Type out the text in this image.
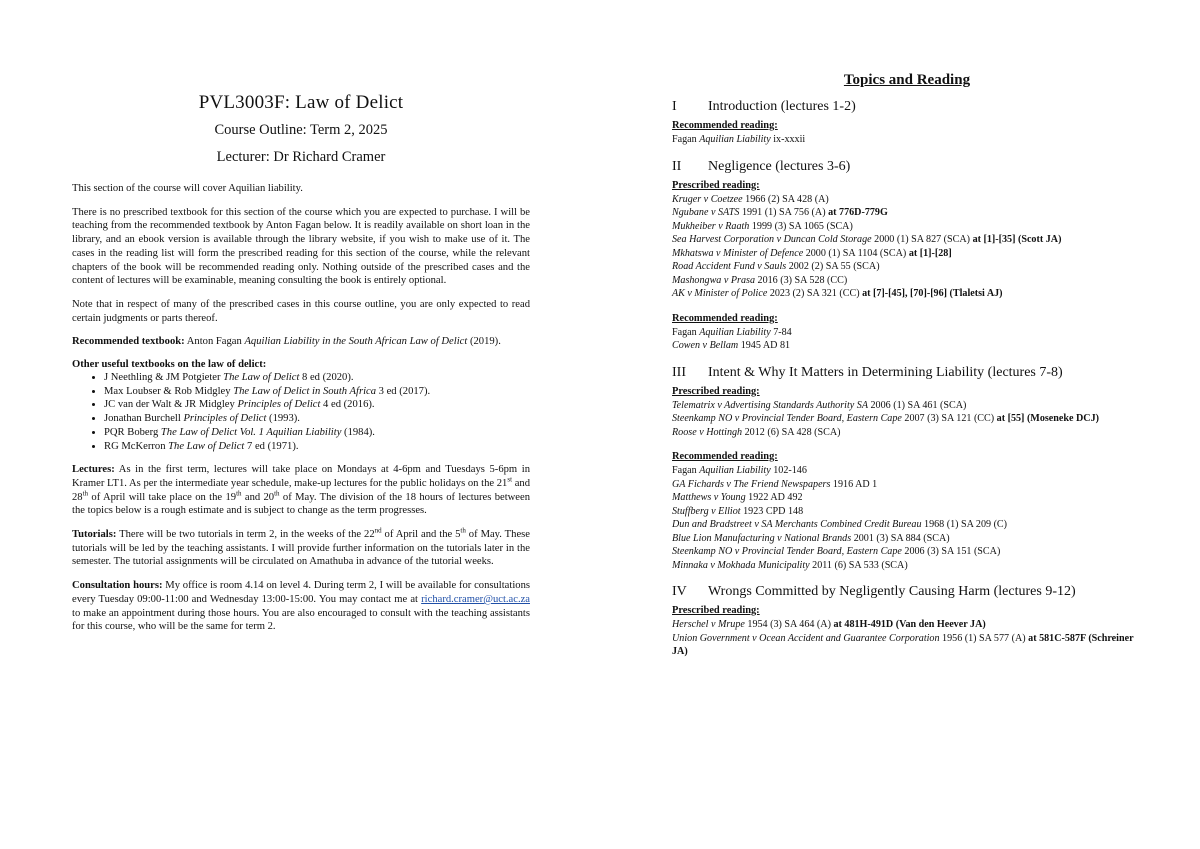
PVL3003F: Law of Delict
Course Outline: Term 2, 2025
Lecturer: Dr Richard Cramer

This section of the course will cover Aquilian liability.

There is no prescribed textbook for this section of the course which you are expected to purchase. I will be teaching from the recommended textbook by Anton Fagan below. It is readily available on short loan in the library, and an ebook version is available through the library website, if you wish to make use of it. The cases in the reading list will form the prescribed reading for this section of the course, while the relevant chapters of the book will be recommended reading only. Nothing outside of the prescribed cases and the content of lectures will be examinable, meaning consulting the book is entirely optional.

Note that in respect of many of the prescribed cases in this course outline, you are only expected to read certain judgments or parts thereof.

Recommended textbook: Anton Fagan Aquilian Liability in the South African Law of Delict (2019).

Other useful textbooks on the law of delict:
• J Neethling & JM Potgieter The Law of Delict 8 ed (2020).
• Max Loubser & Rob Midgley The Law of Delict in South Africa 3 ed (2017).
• JC van der Walt & JR Midgley Principles of Delict 4 ed (2016).
• Jonathan Burchell Principles of Delict (1993).
• PQR Boberg The Law of Delict Vol. 1 Aquilian Liability (1984).
• RG McKerron The Law of Delict 7 ed (1971).

Lectures: As in the first term, lectures will take place on Mondays at 4-6pm and Tuesdays 5-6pm in Kramer LT1. As per the intermediate year schedule, make-up lectures for the public holidays on the 21st and 28th of April will take place on the 19th and 20th of May. The division of the 18 hours of lectures between the topics below is a rough estimate and is subject to change as the term progresses.

Tutorials: There will be two tutorials in term 2, in the weeks of the 22nd of April and the 5th of May. These tutorials will be led by the teaching assistants. I will provide further information on the tutorials later in the semester. The tutorial assignments will be circulated on Amathuba in advance of the tutorial weeks.

Consultation hours: My office is room 4.14 on level 4. During term 2, I will be available for consultations every Tuesday 09:00-11:00 and Wednesday 13:00-15:00. You may contact me at richard.cramer@uct.ac.za to make an appointment during those hours. You are also encouraged to consult with the teaching assistants for this course, who will be the same for term 2.

Topics and Reading
I	Introduction (lectures 1-2)
Recommended reading:
Fagan Aquilian Liability ix-xxxii
II	Negligence (lectures 3-6)
Prescribed reading:
Kruger v Coetzee 1966 (2) SA 428 (A)
Ngubane v SATS 1991 (1) SA 756 (A) at 776D-779G
Mukheiber v Raath 1999 (3) SA 1065 (SCA)
Sea Harvest Corporation v Duncan Cold Storage 2000 (1) SA 827 (SCA) at [1]-[35] (Scott JA)
Mkhatswa v Minister of Defence 2000 (1) SA 1104 (SCA) at [1]-[28]
Road Accident Fund v Sauls 2002 (2) SA 55 (SCA)
Mashongwa v Prasa 2016 (3) SA 528 (CC)
AK v Minister of Police 2023 (2) SA 321 (CC) at [7]-[45], [70]-[96] (Tlaletsi AJ)
Recommended reading:
Fagan Aquilian Liability 7-84
Cowen v Bellam 1945 AD 81
III	Intent & Why It Matters in Determining Liability (lectures 7-8)
Prescribed reading:
Telematrix v Advertising Standards Authority SA 2006 (1) SA 461 (SCA)
Steenkamp NO v Provincial Tender Board, Eastern Cape 2007 (3) SA 121 (CC) at [55] (Moseneke DCJ)
Roose v Hottingh 2012 (6) SA 428 (SCA)
Recommended reading:
Fagan Aquilian Liability 102-146
GA Fichards v The Friend Newspapers 1916 AD 1
Matthews v Young 1922 AD 492
Stuffberg v Elliot 1923 CPD 148
Dun and Bradstreet v SA Merchants Combined Credit Bureau 1968 (1) SA 209 (C)
Blue Lion Manufacturing v National Brands 2001 (3) SA 884 (SCA)
Steenkamp NO v Provincial Tender Board, Eastern Cape 2006 (3) SA 151 (SCA)
Minnaka v Mokhada Municipality 2011 (6) SA 533 (SCA)
IV	Wrongs Committed by Negligently Causing Harm (lectures 9-12)
Prescribed reading:
Herschel v Mrupe 1954 (3) SA 464 (A) at 481H-491D (Van den Heever JA)
Union Government v Ocean Accident and Guarantee Corporation 1956 (1) SA 577 (A) at 581C-587F (Schreiner JA)
